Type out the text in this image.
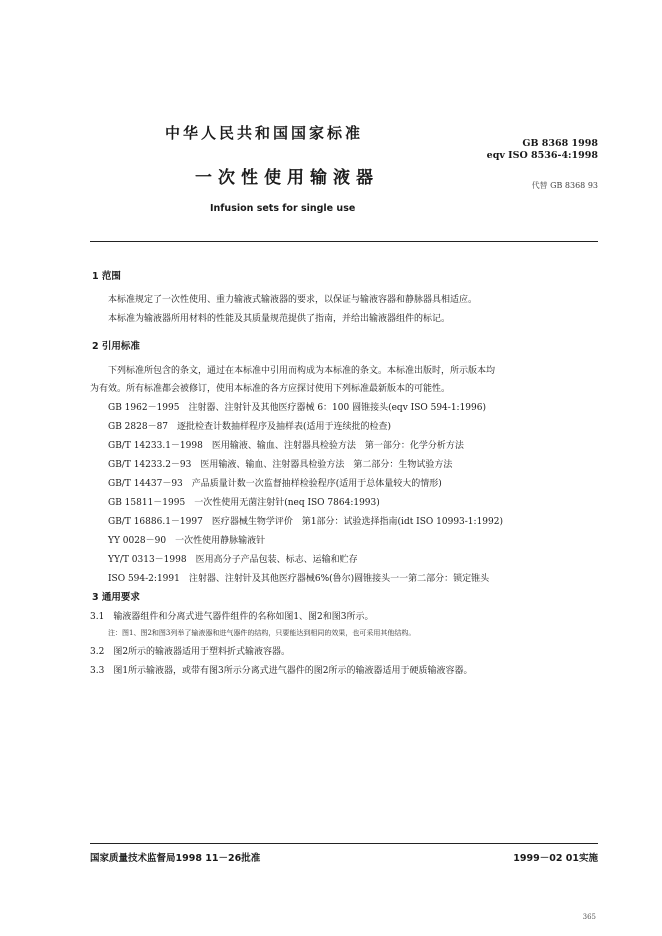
中华人民共和国国家标准
GB 8368 1998
eqv ISO 8536-4:1998
一次性使用输液器	代替 GB 8368 93
Infusion sets for single use
1 范围
本标准规定了一次性使用、重力输液式输液器的要求，以保证与输液容器和静脉器具相适应。
本标准为输液器所用材料的性能及其质量规范提供了指南，并给出输液器组件的标记。
2 引用标准
下列标准所包含的条文，通过在本标准中引用而构成为本标准的条文。本标准出版时，所示版本均
为有效。所有标准都会被修订，使用本标准的各方应探讨使用下列标准最新版本的可能性。
GB 1962－1995　注射器、注射针及其他医疗器械 6：100 圆锥接头(eqv ISO 594-1:1996)
GB 2828－87　逐批检查计数抽样程序及抽样表(适用于连续批的检查)
GB/T 14233.1－1998　医用输液、输血、注射器具检验方法　第一部分：化学分析方法
GB/T 14233.2－93　医用输液、输血、注射器具检验方法　第二部分：生物试验方法
GB/T 14437－93　产品质量计数一次监督抽样检验程序(适用于总体量较大的情形)
GB 15811－1995　一次性使用无菌注射针(neq ISO 7864:1993)
GB/T 16886.1－1997　医疗器械生物学评价　第1部分：试验选择指南(idt ISO 10993-1:1992)
YY 0028－90　一次性使用静脉输液针
YY/T 0313－1998　医用高分子产品包装、标志、运输和贮存
ISO 594-2:1991　注射器、注射针及其他医疗器械6%(鲁尔)圆锥接头一一第二部分：锁定锥头
3 通用要求
3.1　输液器组件和分离式进气器件组件的名称如图1、图2和图3所示。
注：图1、图2和图3列举了输液器和进气器件的结构，只要能达到相同的效果，也可采用其他结构。
3.2　图2所示的输液器适用于塑料折式输液容器。
3.3　图1所示输液器，或带有图3所示分离式进气器件的图2所示的输液器适用于硬质输液容器。
国家质量技术监督局1998 11－26批准	1999－02 01实施
365
